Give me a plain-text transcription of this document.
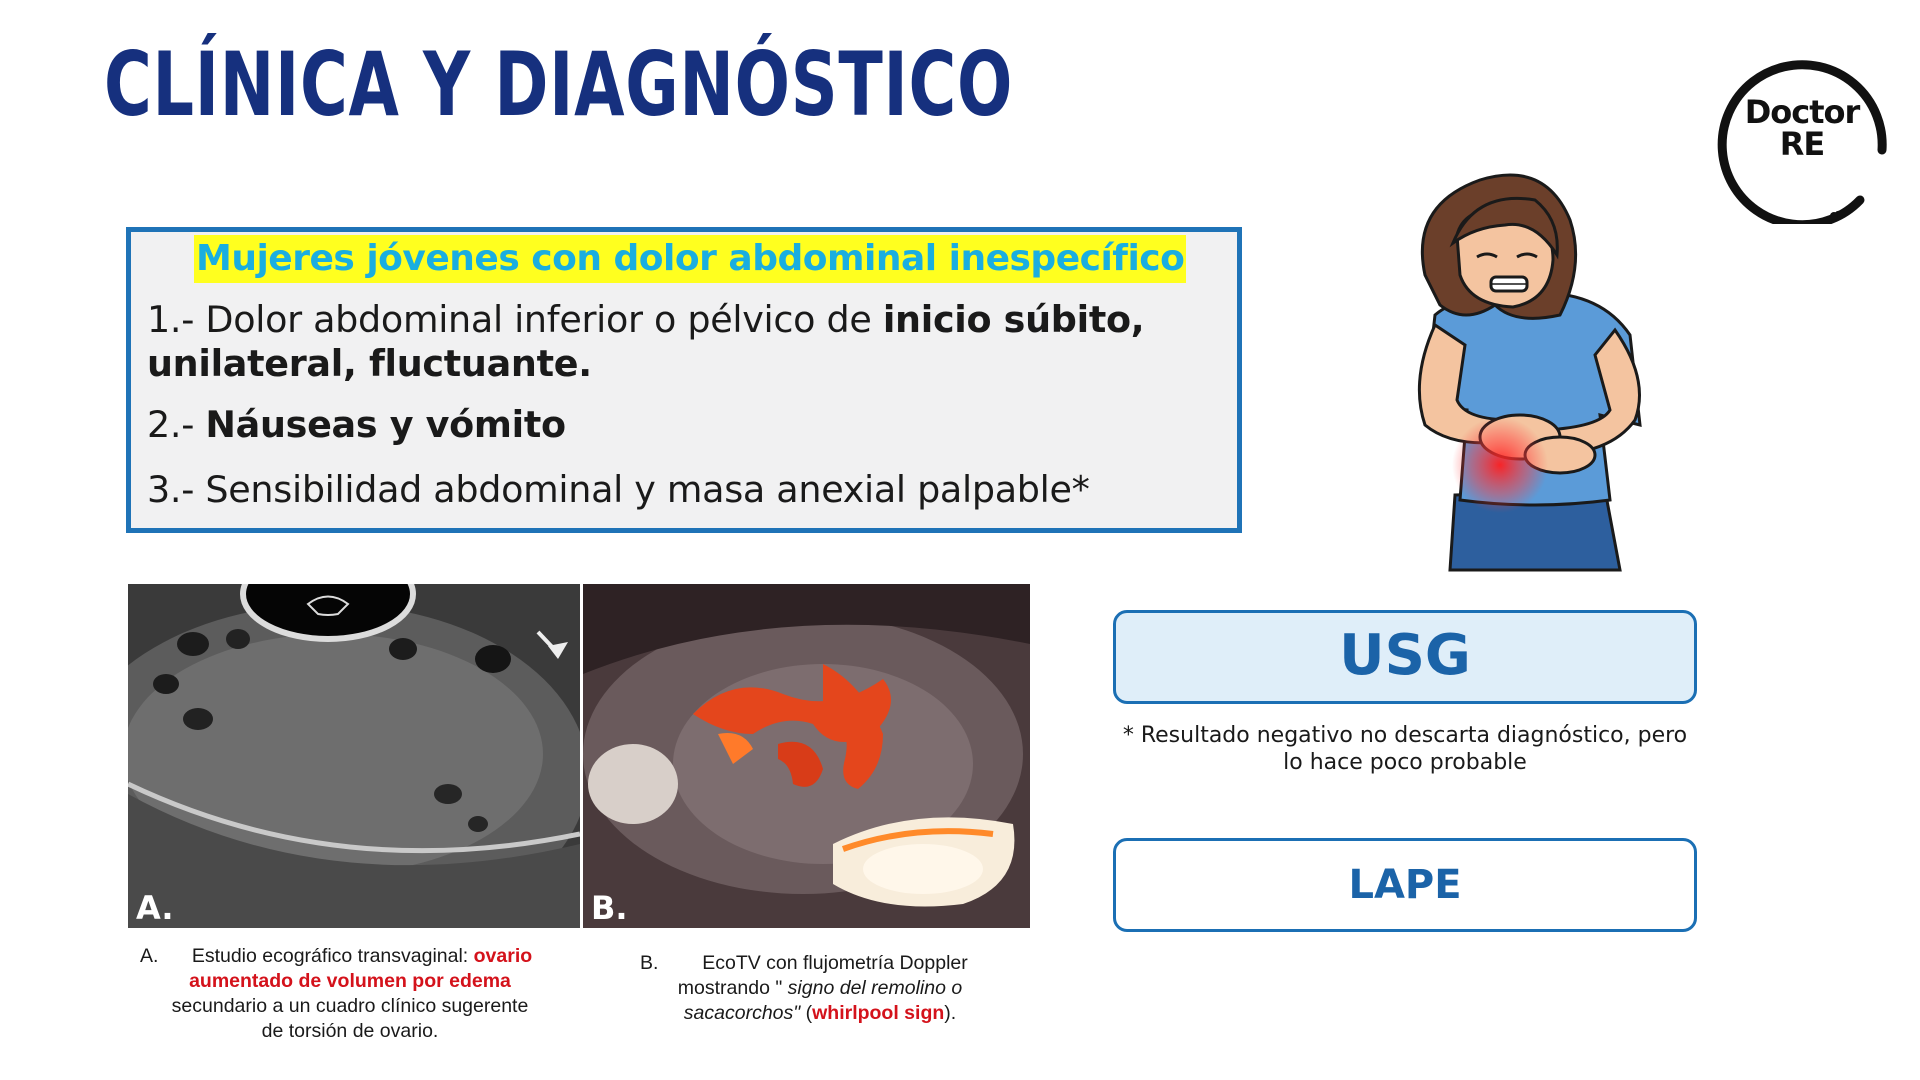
CLÍNICA Y DIAGNÓSTICO	Doctor
RE
Mujeres jóvenes con dolor abdominal inespecífico

1.- Dolor abdominal inferior o pélvico de inicio súbito, unilateral, fluctuante.

2.- Náuseas y vómito

3.- Sensibilidad abdominal y masa anexial palpable*

A.	B.
A.	Estudio ecográfico transvaginal: ovario
aumentado de volumen por edema
secundario a un cuadro clínico sugerente
de torsión de ovario.
B.	EcoTV con flujometría Doppler
mostrando " signo del remolino o
sacacorchos" (whirlpool sign).
USG
* Resultado negativo no descarta diagnóstico, pero
lo hace poco probable
LAPE
